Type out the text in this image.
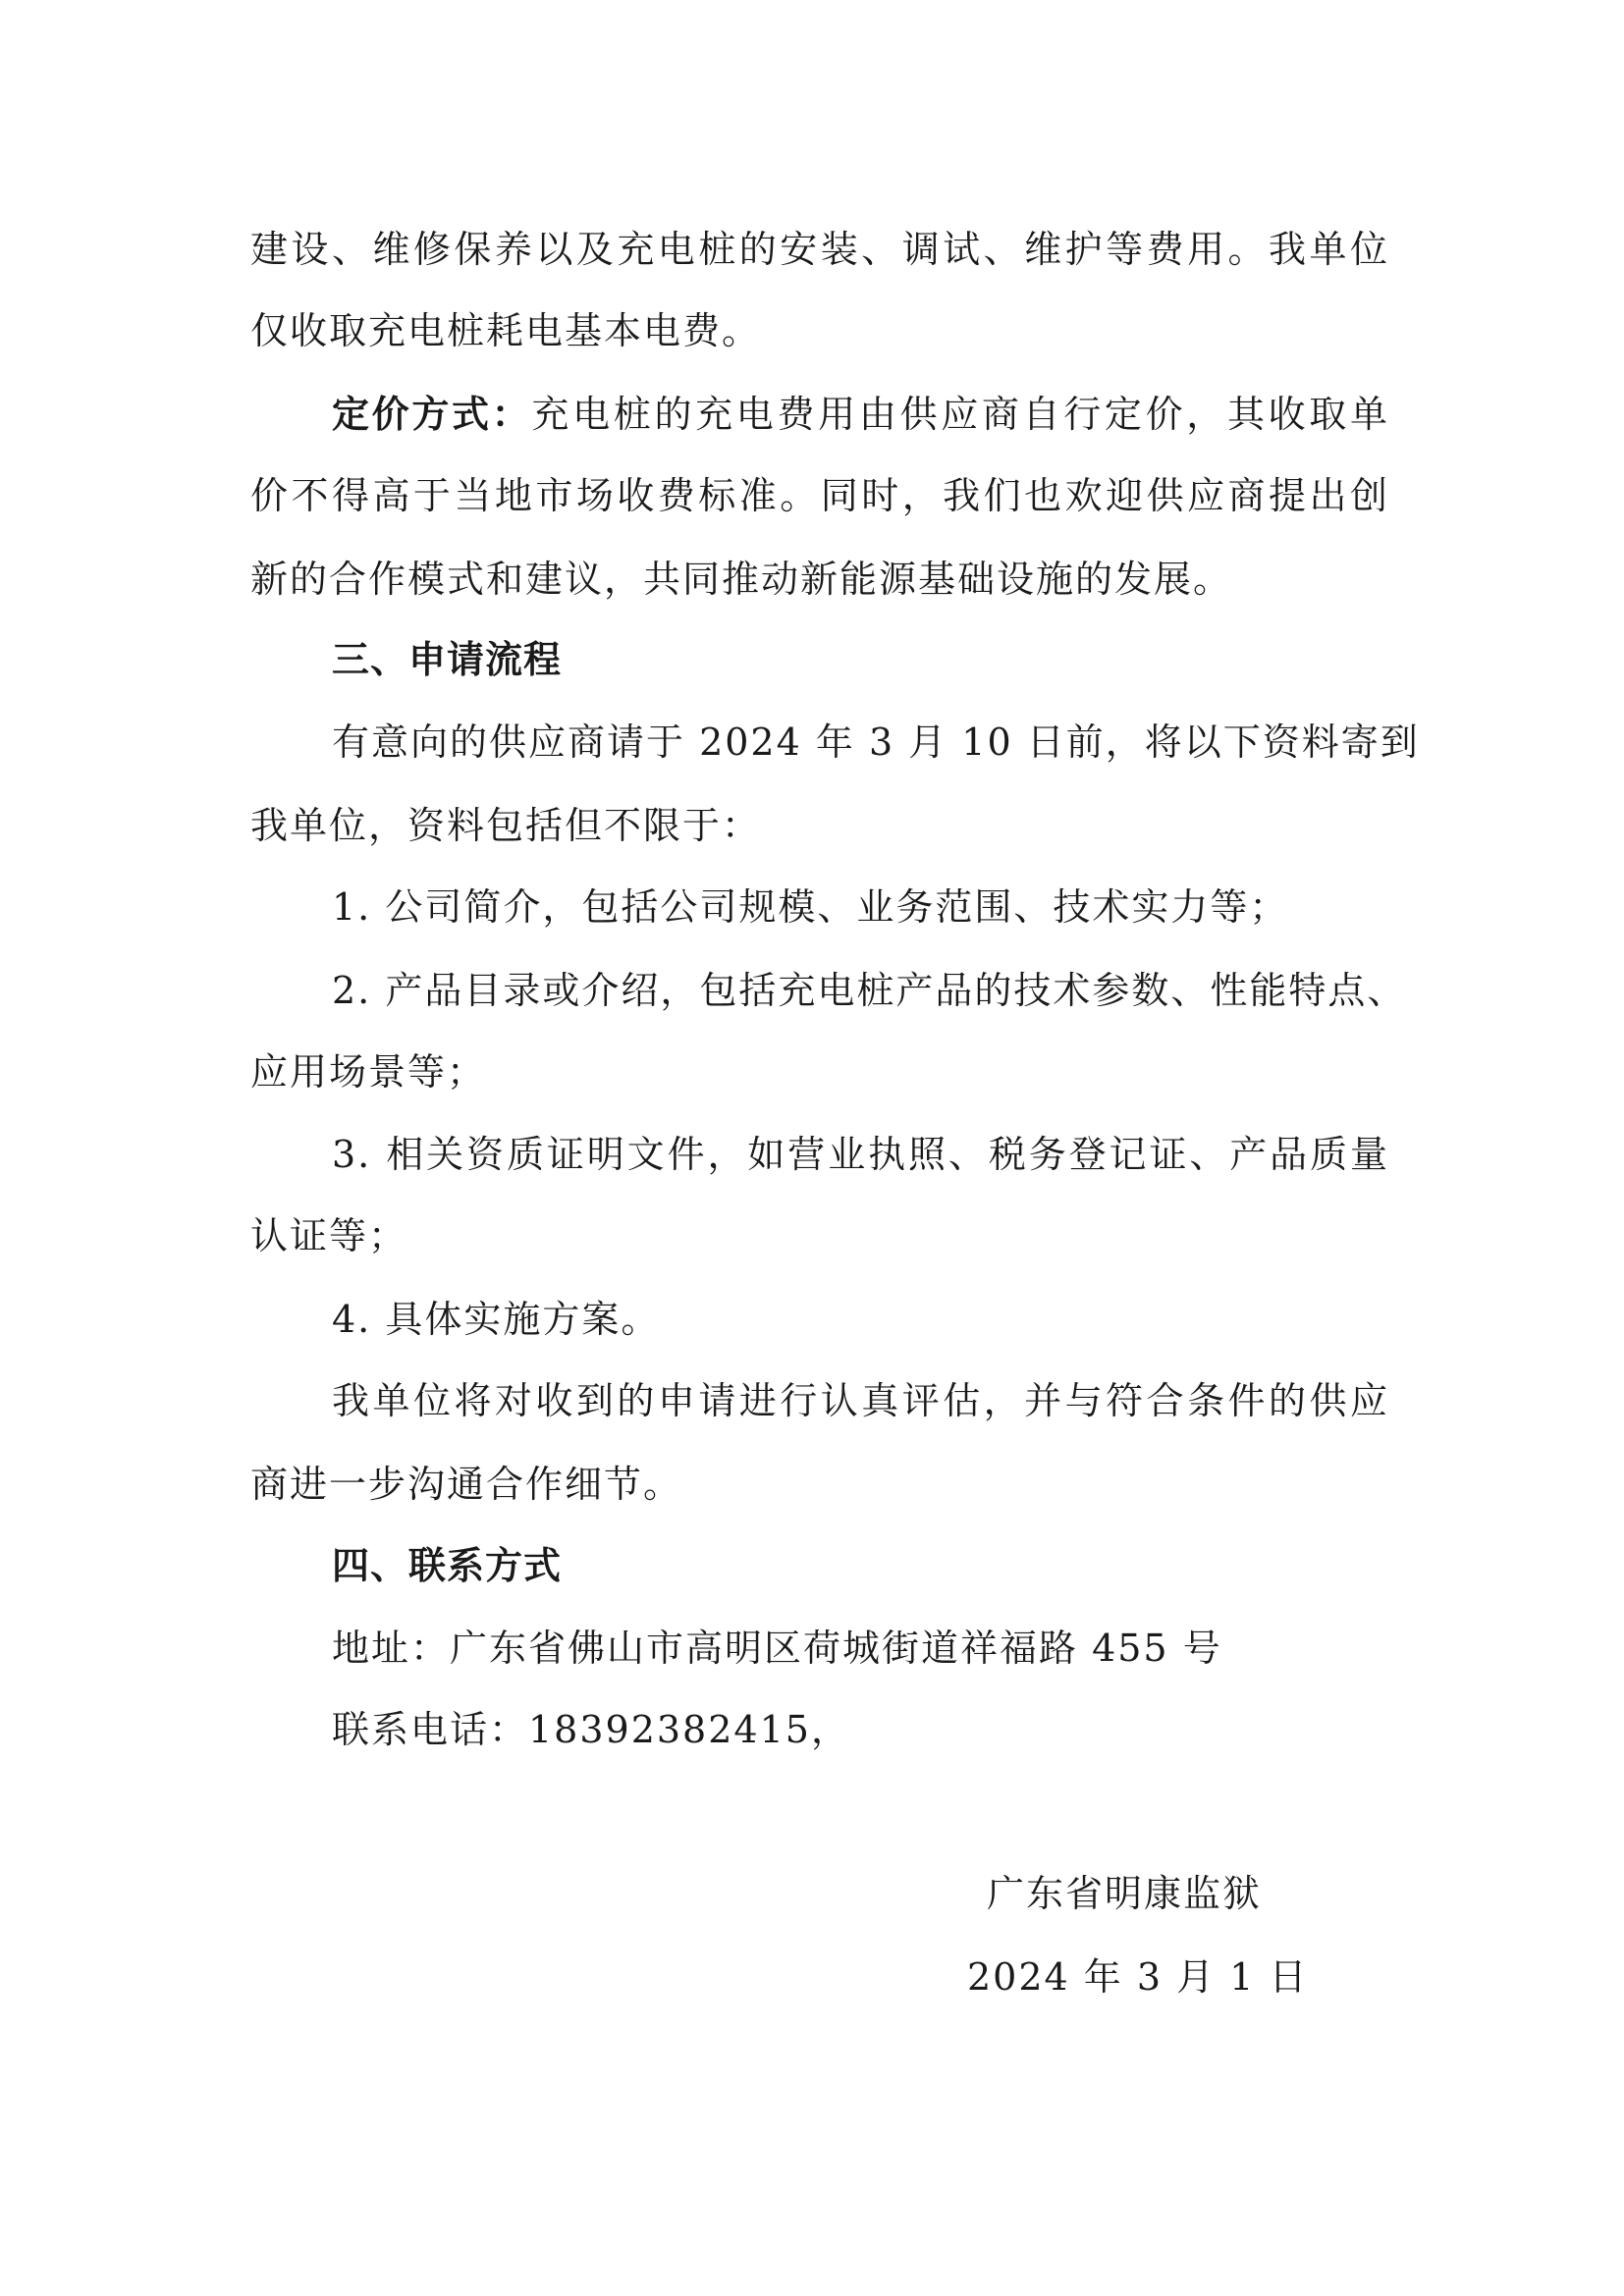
建设、维修保养以及充电桩的安装、调试、维护等费用。我单位
仅收取充电桩耗电基本电费。
定价方式：充电桩的充电费用由供应商自行定价，其收取单
价不得高于当地市场收费标准。同时，我们也欢迎供应商提出创
新的合作模式和建议，共同推动新能源基础设施的发展。
三、申请流程
有意向的供应商请于 2024 年 3 月 10 日前，将以下资料寄到
我单位，资料包括但不限于：
1. 公司简介，包括公司规模、业务范围、技术实力等；
2. 产品目录或介绍，包括充电桩产品的技术参数、性能特点、
应用场景等；
3. 相关资质证明文件，如营业执照、税务登记证、产品质量
认证等；
4. 具体实施方案。
我单位将对收到的申请进行认真评估，并与符合条件的供应
商进一步沟通合作细节。
四、联系方式
地址：广东省佛山市高明区荷城街道祥福路 455 号
联系电话：18392382415，
广东省明康监狱
2024 年 3 月 1 日
